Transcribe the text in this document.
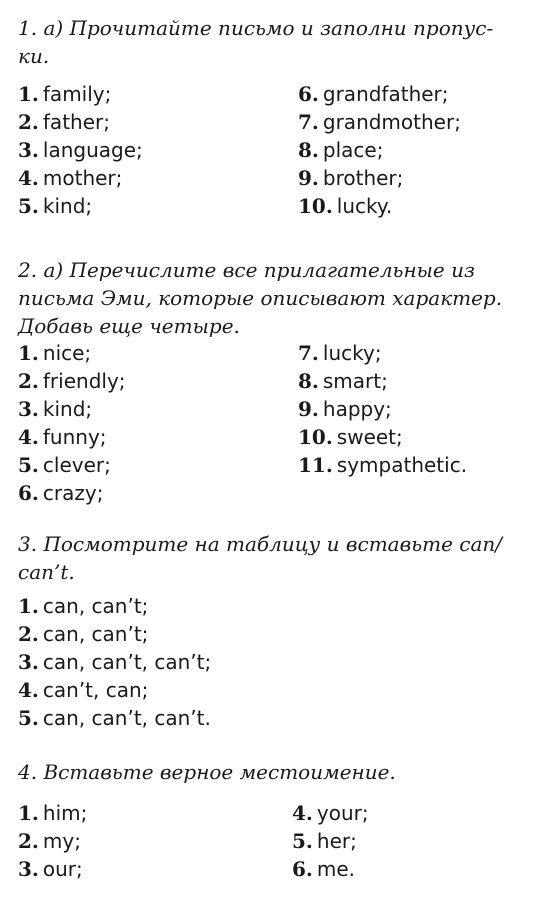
1. а) Прочитайте письмо и заполни пропус-
ки.
1. family;
2. father;
3. language;
4. mother;
5. kind;
6. grandfather;
7. grandmother;
8. place;
9. brother;
10. lucky.
2. а) Перечислите все прилагательные из
письма Эми, которые описывают характер.
Добавь еще четыре.
1. nice;
2. friendly;
3. kind;
4. funny;
5. clever;
6. crazy;
7. lucky;
8. smart;
9. happy;
10. sweet;
11. sympathetic.
3. Посмотрите на таблицу и вставьте can/
can’t.
1. can, can’t;
2. can, can’t;
3. can, can’t, can’t;
4. can’t, can;
5. can, can’t, can’t.
4. Вставьте верное местоимение.
1. him;
2. my;
3. our;
4. your;
5. her;
6. me.
